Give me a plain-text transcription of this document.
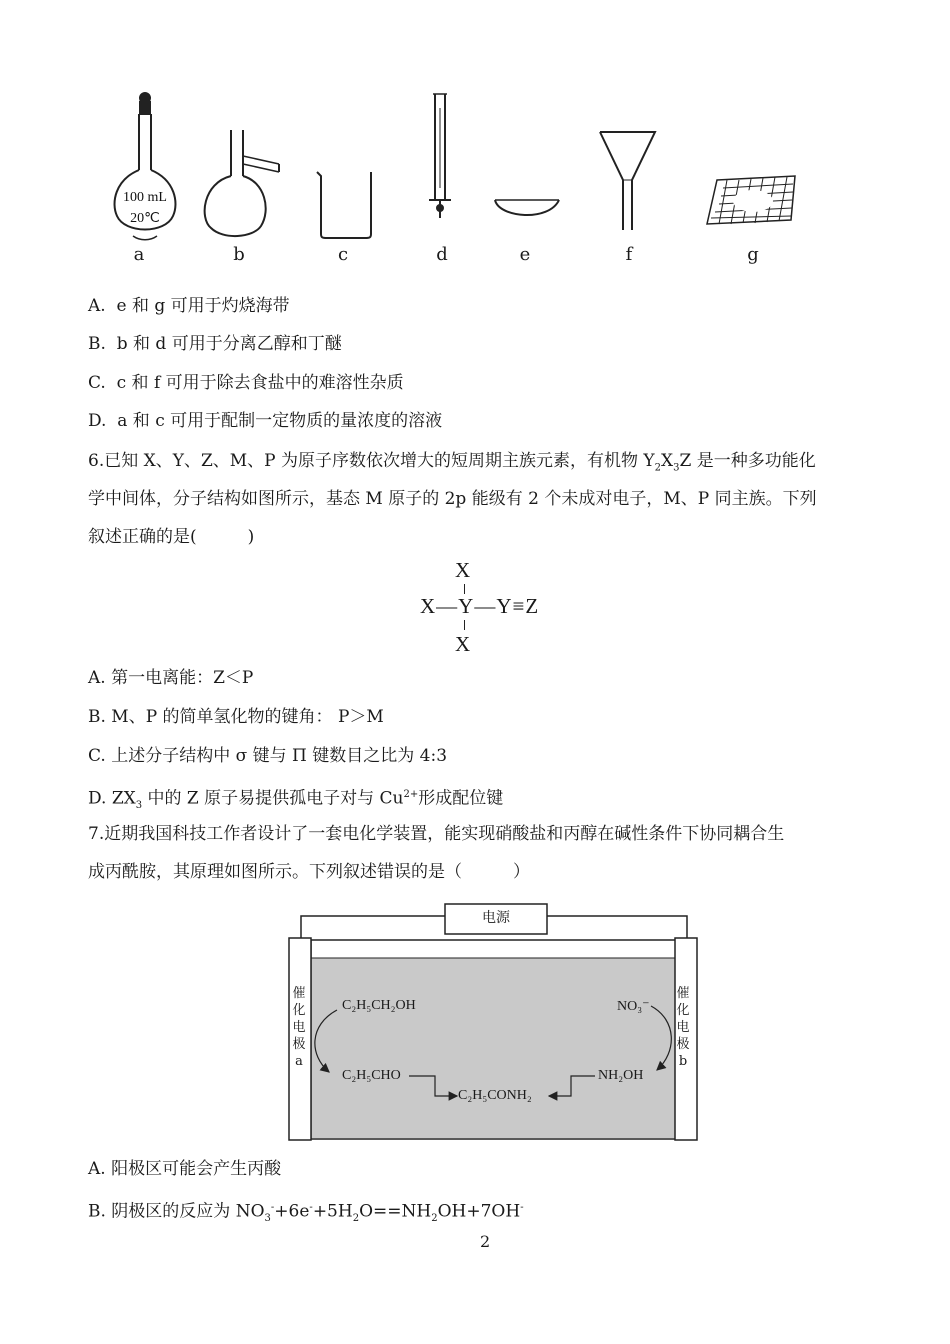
100 mL
20℃
a	b	c	d	e	f	g
A. e 和 g 可用于灼烧海带
B. b 和 d 可用于分离乙醇和丁醚
C. c 和 f 可用于除去食盐中的难溶性杂质
D. a 和 c 可用于配制一定物质的量浓度的溶液
6.已知 X、Y、Z、M、P 为原子序数依次增大的短周期主族元素，有机物 $Y_2X_3Z$ 是一种多功能化
学中间体，分子结构如图所示，基态 M 原子的 2p 能级有 2 个未成对电子，M、P 同主族。下列
叙述正确的是(　　　)
X
X—Y—Y≡Z
X
A. 第一电离能：Z＜P
B. M、P 的简单氢化物的键角： P＞M
C. 上述分子结构中 σ 键与 Π 键数目之比为 4:3
D. $ZX_3$ 中的 Z 原子易提供孤电子对与 $Cu^{2+}$形成配位键
7.近期我国科技工作者设计了一套电化学装置，能实现硝酸盐和丙醇在碱性条件下协同耦合生
成丙酰胺，其原理如图所示。下列叙述错误的是（　　　）
电源
催
化
电
极
a
催
化
电
极
b
C₂H₅CH₂OH
C₂H₅CHO
C₂H₅CONH₂
NO₃⁻
NH₂OH
A. 阳极区可能会产生丙酸
B. 阴极区的反应为 $NO_3^-+6e^-+5H_2O==NH_2OH+7OH^-$
2
